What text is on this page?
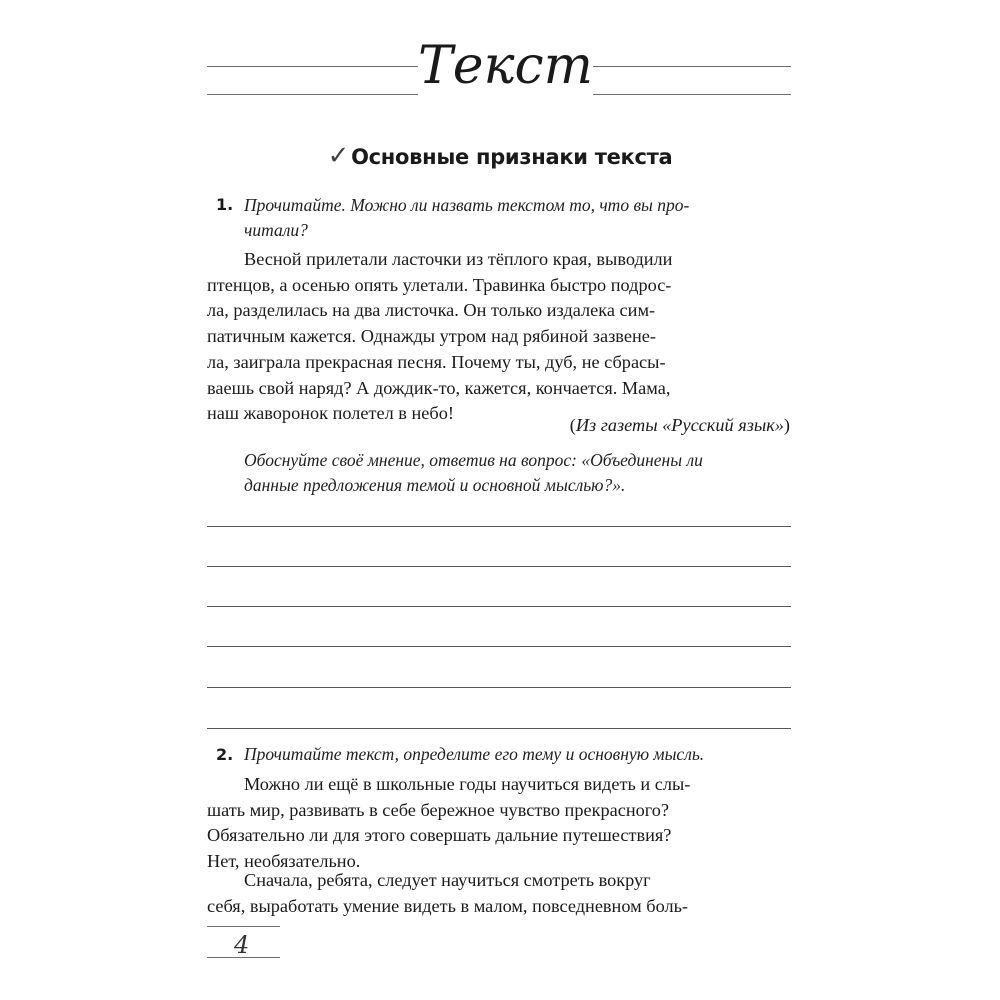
Текст
✓Основные признаки текста
1. Прочитайте. Можно ли назвать текстом то, что вы про-
читали?
Весной прилетали ласточки из тёплого края, выводили
птенцов, а осенью опять улетали. Травинка быстро подрос-
ла, разделилась на два листочка. Он только издалека сим-
патичным кажется. Однажды утром над рябиной зазвене-
ла, заиграла прекрасная песня. Почему ты, дуб, не сбрасы-
ваешь свой наряд? А дождик-то, кажется, кончается. Мама,
наш жаворонок полетел в небо!
(Из газеты «Русский язык»)
Обоснуйте своё мнение, ответив на вопрос: «Объединены ли
данные предложения темой и основной мыслью?».
2. Прочитайте текст, определите его тему и основную мысль.
Можно ли ещё в школьные годы научиться видеть и слы-
шать мир, развивать в себе бережное чувство прекрасного?
Обязательно ли для этого совершать дальние путешествия?
Нет, необязательно.
Сначала, ребята, следует научиться смотреть вокруг
себя, выработать умение видеть в малом, повседневном боль-
4
